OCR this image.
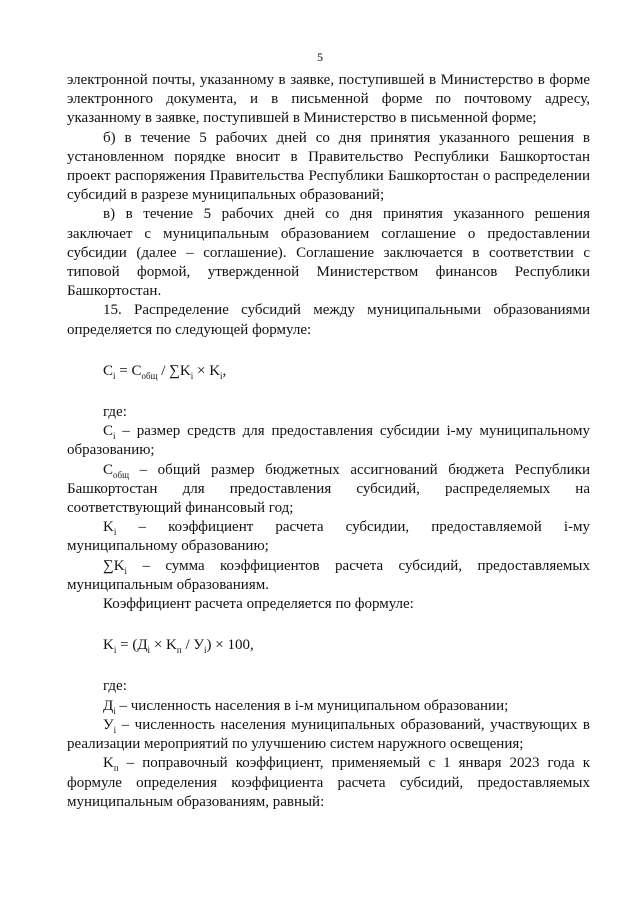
5

электронной почты, указанному в заявке, поступившей в Министерство в форме электронного документа, и в письменной форме по почтовому адресу, указанному в заявке, поступившей в Министерство в письменной форме;

б) в течение 5 рабочих дней со дня принятия указанного решения в установленном порядке вносит в Правительство Республики Башкортостан проект распоряжения Правительства Республики Башкортостан о распределении субсидий в разрезе муниципальных образований;

в) в течение 5 рабочих дней со дня принятия указанного решения заключает с муниципальным образованием соглашение о предоставлении субсидии (далее – соглашение). Соглашение заключается в соответствии с типовой формой, утвержденной Министерством финансов Республики Башкортостан.

15. Распределение субсидий между муниципальными образованиями определяется по следующей формуле:

$C_i = C_{общ} / \sum K_i \times K_i$,

где:

$C_i$ – размер средств для предоставления субсидии i-му муниципальному образованию;

$C_{общ}$ – общий размер бюджетных ассигнований бюджета Республики Башкортостан для предоставления субсидий, распределяемых на соответствующий финансовый год;

$K_i$ – коэффициент расчета субсидии, предоставляемой i-му муниципальному образованию;

$\sum K_i$ – сумма коэффициентов расчета субсидий, предоставляемых муниципальным образованиям.

Коэффициент расчета определяется по формуле:

$K_i = (Д_i \times K_п / У_i) \times 100$,

где:

$Д_i$ – численность населения в i-м муниципальном образовании;

$У_i$ – численность населения муниципальных образований, участвующих в реализации мероприятий по улучшению систем наружного освещения;

$K_п$ – поправочный коэффициент, применяемый с 1 января 2023 года к формуле определения коэффициента расчета субсидий, предоставляемых муниципальным образованиям, равный:
